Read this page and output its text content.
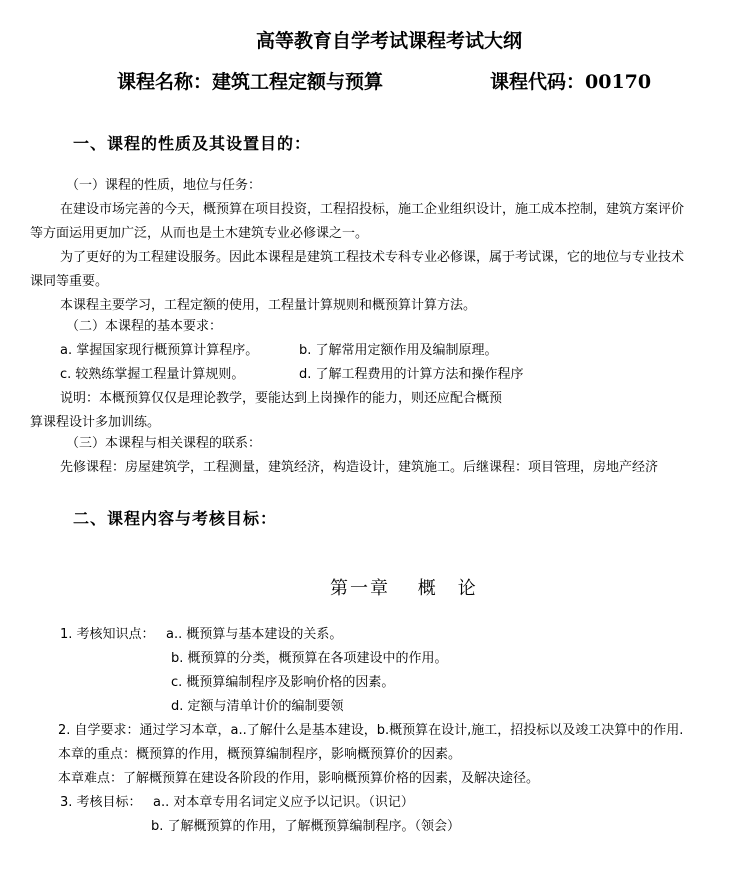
高等教育自学考试课程考试大纲
课程名称：建筑工程定额与预算	课程代码：00170
一、课程的性质及其设置目的：
（一）课程的性质，地位与任务：
在建设市场完善的今天，概预算在项目投资，工程招投标，施工企业组织设计，施工成本控制，建筑方案评价
等方面运用更加广泛，从而也是土木建筑专业必修课之一。
为了更好的为工程建设服务。因此本课程是建筑工程技术专科专业必修课，属于考试课，它的地位与专业技术
课同等重要。
本课程主要学习，工程定额的使用，工程量计算规则和概预算计算方法。
（二）本课程的基本要求：
a. 掌握国家现行概预算计算程序。	b. 了解常用定额作用及编制原理。
c. 较熟练掌握工程量计算规则。	d. 了解工程费用的计算方法和操作程序
说明：本概预算仅仅是理论教学，要能达到上岗操作的能力，则还应配合概预
算课程设计多加训练。
（三）本课程与相关课程的联系：
先修课程：房屋建筑学，工程测量，建筑经济，构造设计，建筑施工。后继课程：项目管理，房地产经济
二、课程内容与考核目标：
第一章　 概　论
1. 考核知识点： a.. 概预算与基本建设的关系。
b. 概预算的分类，概预算在各项建设中的作用。
c. 概预算编制程序及影响价格的因素。
d. 定额与清单计价的编制要领
2. 自学要求：通过学习本章，a..了解什么是基本建设，b.概预算在设计,施工，招投标以及竣工决算中的作用.
本章的重点：概预算的作用，概预算编制程序，影响概预算价的因素。
本章难点：了解概预算在建设各阶段的作用，影响概预算价格的因素，及解决途径。
3. 考核目标： a.. 对本章专用名词定义应予以记识。（识记）
b. 了解概预算的作用，了解概预算编制程序。（领会）
